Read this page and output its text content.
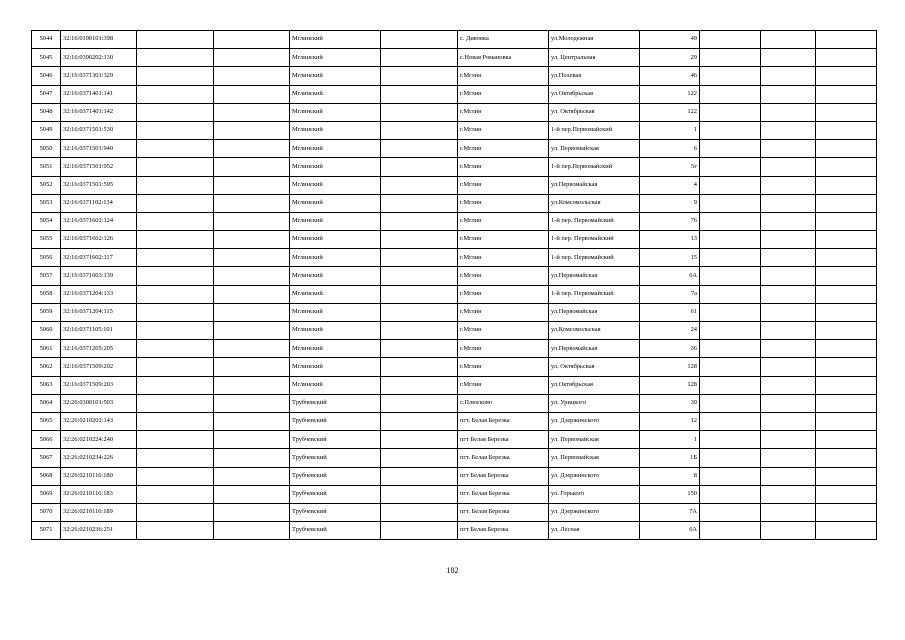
5044	32:16:0190101:398			Мглинский		с. Дивовка	ул.Молодежная	49			
5045	32:16:0390202:130			Мглинский		с.Новая Романовка	ул. Центральная	29			
5046	32:16:0371301:329			Мглинский		г.Мглин	ул.Полевая	46			
5047	32:16:0371401:141			Мглинский		г.Мглин	ул.Октябрьская	122			
5048	32:16:0371401:142			Мглинский		г.Мглин	ул. Октябрьская	122			
5049	32:16:0371501:530			Мглинский		г.Мглин	1-й пер.Первомайский	1			
5050	32:16:0371501:940			Мглинский		г.Мглин	ул. Первомайская	6			
5051	32:16:0371501:952			Мглинский		г.Мглин	1-й пер.Первомайский	5г			
5052	32:16:0371501:595			Мглинский		г.Мглин	ул.Первомайская	4			
5053	32:16:0371102:134			Мглинский		г.Мглин	ул.Комсомольская	9			
5054	32:16:0371602:124			Мглинский		г.Мглин	1-й пер. Первомайский	76			
5055	32:16:0371602:126			Мглинский		г.Мглин	1-й пер. Первомайский	13			
5056	32:16:0371602:117			Мглинский		г.Мглин	1-й пер. Первомайский	15			
5057	32:16:0371603:139			Мглинский		г.Мглин	ул.Первомайская	6А			
5058	32:16:0371204:133			Мглинский		г.Мглин	1-й пер. Первомайский	7а			
5059	32:16:0371204:115			Мглинский		г.Мглин	ул.Первомайская	61			
5060	32:16:0371105:101			Мглинский		г.Мглин	ул.Комсомольская	24			
5061	32:16:0371205:205			Мглинский		г.Мглин	ул.Первомайская	36			
5062	32:16:0371509:202			Мглинский		г.Мглин	ул. Октябрьская	128			
5063	32:16:0371509:203			Мглинский		г.Мглин	ул.Октябрьская	128			
5064	32:26:0300101:503			Трубчевский		с.Плюсково	ул. Урицкого	39			
5065	32:26:0210202:143			Трубчевский		пгт. Белая Березка	ул. Дзержинского	12			
5066	32:26:0210224:240			Трубчевский		пгт Белая Березка	ул. Первомайская	1			
5067	32:26:0210234:226			Трубчевский		пгт. Белая Березка	ул. Первомайская	1Б			
5068	32:26:0210116:180			Трубчевский		пгт Белая Березка	ул. Дзержинского	8			
5069	32:26:0210116:183			Трубчевский		пгт. Белая Березка	ул. Горького	150			
5070	32:26:0210116:189			Трубчевский		пгт. Белая Березка	ул. Дзержинского	7А			
5071	32:26:0210236:251			Трубчевский		пгт Белая Березка	ул. Лесная	6А			
182
